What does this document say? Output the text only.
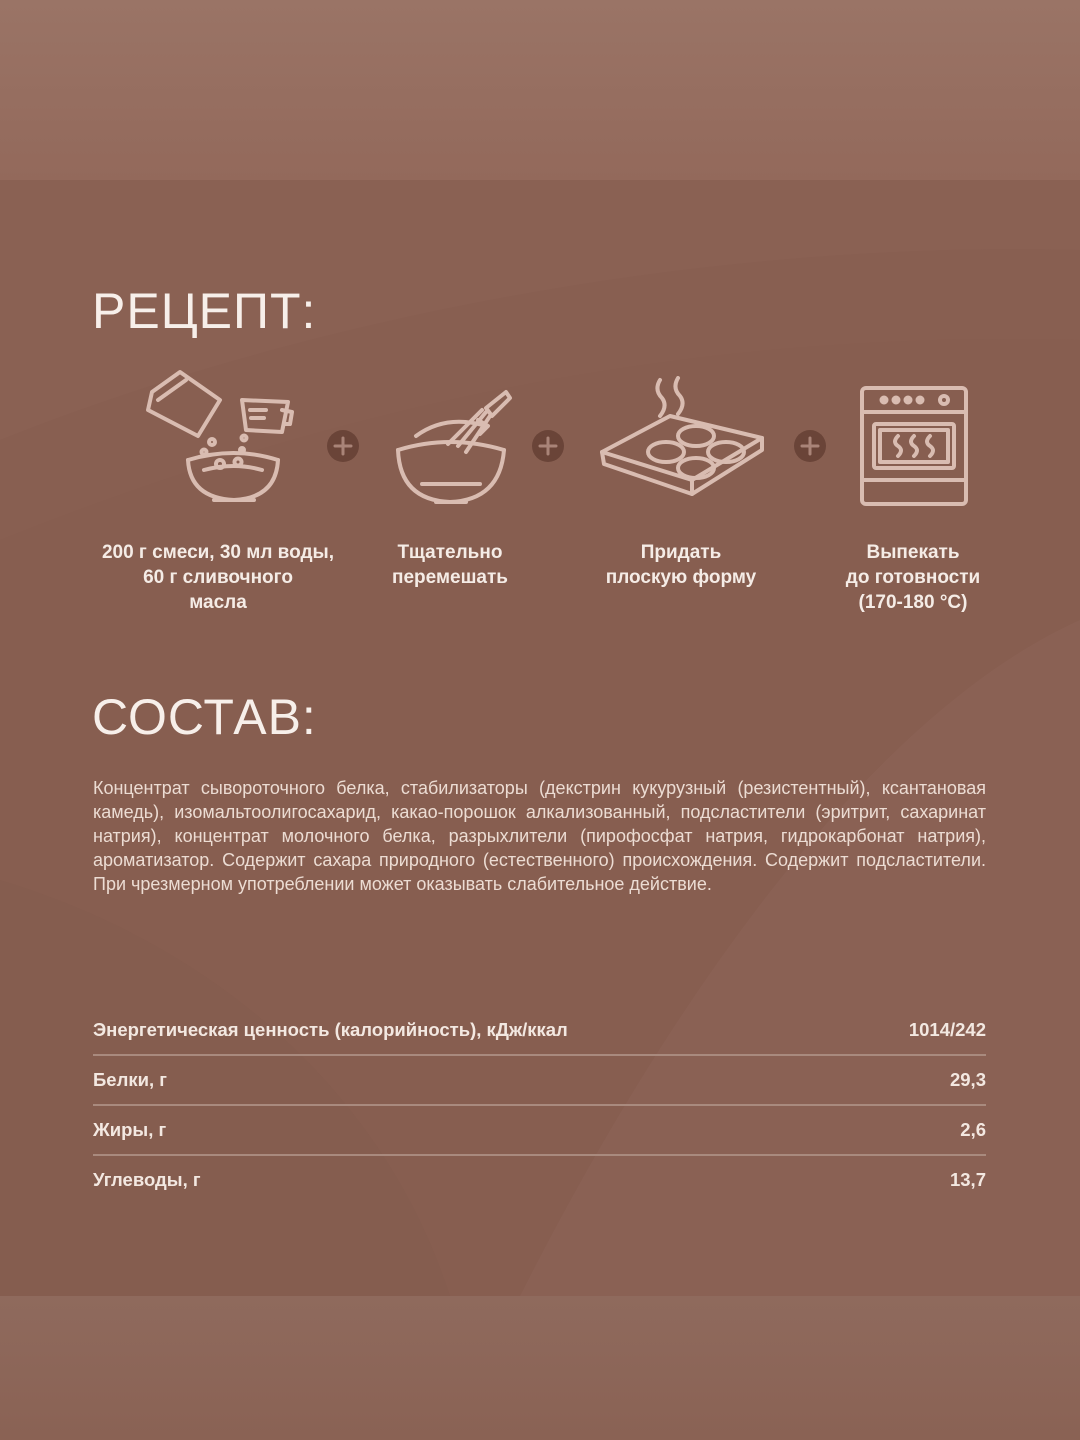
РЕЦЕПТ:
200 г смеси, 30 мл воды,
60 г сливочного
масла
Тщательно
перемешать
Придать
плоскую форму
Выпекать
до готовности
(170-180 °C)
СОСТАВ:

Концентрат сывороточного белка, стабилизаторы (декстрин кукурузный (резистентный), ксантановая камедь), изомальтоолигосахарид, какао-порошок алкализованный, подсластители (эритрит, сахаринат натрия), концентрат молочного белка, разрыхлители (пирофосфат натрия, гидрокарбонат натрия), ароматизатор. Содержит сахара природного (естественного) происхождения. Содержит подсластители. При чрезмерном употреблении может оказывать слабительное действие.

Энергетическая ценность (калорийность), кДж/ккал	1014/242
Белки, г	29,3
Жиры, г	2,6
Углеводы, г	13,7
